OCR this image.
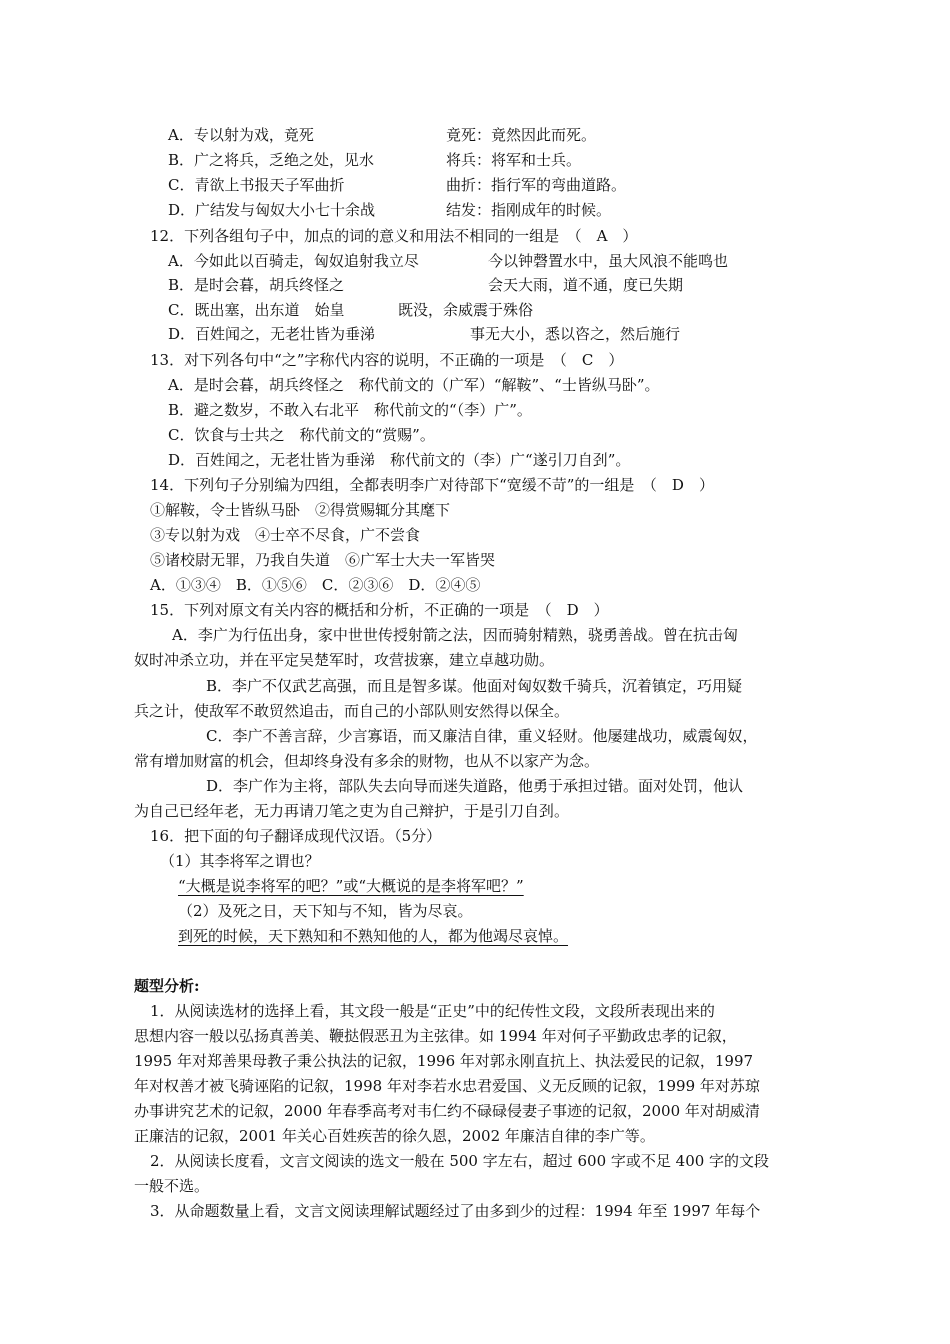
A．专以射为戏，竟死	竟死：竟然因此而死。
B．广之将兵，乏绝之处，见水	将兵：将军和士兵。
C．青欲上书报天子军曲折	曲折：指行军的弯曲道路。
D．广结发与匈奴大小七十余战	结发：指刚成年的时候。
12．下列各组句子中，加点的词的意义和用法不相同的一组是　（　A　）
A．今如此以百骑走，匈奴追射我立尽	今以钟磬置水中，虽大风浪不能鸣也
B．是时会暮，胡兵终怪之	会天大雨，道不通，度已失期
C．既出塞，出东道　始皇	既没，余威震于殊俗
D．百姓闻之，无老壮皆为垂涕	事无大小，悉以咨之，然后施行
13．对下列各句中“之”字称代内容的说明，不正确的一项是　（　C　）
A．是时会暮，胡兵终怪之　称代前文的（广军）“解鞍”、“士皆纵马卧”。
B．避之数岁，不敢入右北平　称代前文的“（李）广”。
C．饮食与士共之　称代前文的“赏赐”。
D．百姓闻之，无老壮皆为垂涕　称代前文的（李）广“遂引刀自刭”。
14．下列句子分别编为四组，全都表明李广对待部下“宽缓不苛”的一组是　（　D　）
①解鞍，令士皆纵马卧　②得赏赐辄分其麾下
③专以射为戏　④士卒不尽食，广不尝食
⑤诸校尉无罪，乃我自失道　⑥广军士大夫一军皆哭
A．①③④　B．①⑤⑥　C．②③⑥　D．②④⑤
15．下列对原文有关内容的概括和分析，不正确的一项是　（　D　）
A．李广为行伍出身，家中世世传授射箭之法，因而骑射精熟，骁勇善战。曾在抗击匈
奴时冲杀立功，并在平定吴楚军时，攻营拔寨，建立卓越功勋。
B．李广不仅武艺高强，而且是智多谋。他面对匈奴数千骑兵，沉着镇定，巧用疑
兵之计，使敌军不敢贸然追击，而自己的小部队则安然得以保全。
C．李广不善言辞，少言寡语，而又廉洁自律，重义轻财。他屡建战功，威震匈奴，
常有增加财富的机会，但却终身没有多余的财物，也从不以家产为念。
D．李广作为主将，部队失去向导而迷失道路，他勇于承担过错。面对处罚，他认
为自己已经年老，无力再请刀笔之吏为自己辩护，于是引刀自刭。
16．把下面的句子翻译成现代汉语。（5分）
（1）其李将军之谓也？
“大概是说李将军的吧？”或“大概说的是李将军吧？”
（2）及死之日，天下知与不知，皆为尽哀。
到死的时候，天下熟知和不熟知他的人，都为他竭尽哀悼。
题型分析:
1．从阅读选材的选择上看，其文段一般是“正史”中的纪传性文段，文段所表现出来的
思想内容一般以弘扬真善美、鞭挞假恶丑为主弦律。如 1994 年对何子平勤政忠孝的记叙，
1995 年对郑善果母教子秉公执法的记叙，1996 年对郭永刚直抗上、执法爱民的记叙，1997
年对权善才被飞骑诬陷的记叙，1998 年对李若水忠君爱国、义无反顾的记叙，1999 年对苏琼
办事讲究艺术的记叙，2000 年春季高考对韦仁约不碌碌侵妻子事迹的记叙，2000 年对胡威清
正廉洁的记叙，2001 年关心百姓疾苦的徐久恩，2002 年廉洁自律的李广等。
2．从阅读长度看，文言文阅读的选文一般在 500 字左右，超过 600 字或不足 400 字的文段
一般不选。
3．从命题数量上看，文言文阅读理解试题经过了由多到少的过程：1994 年至 1997 年每个
